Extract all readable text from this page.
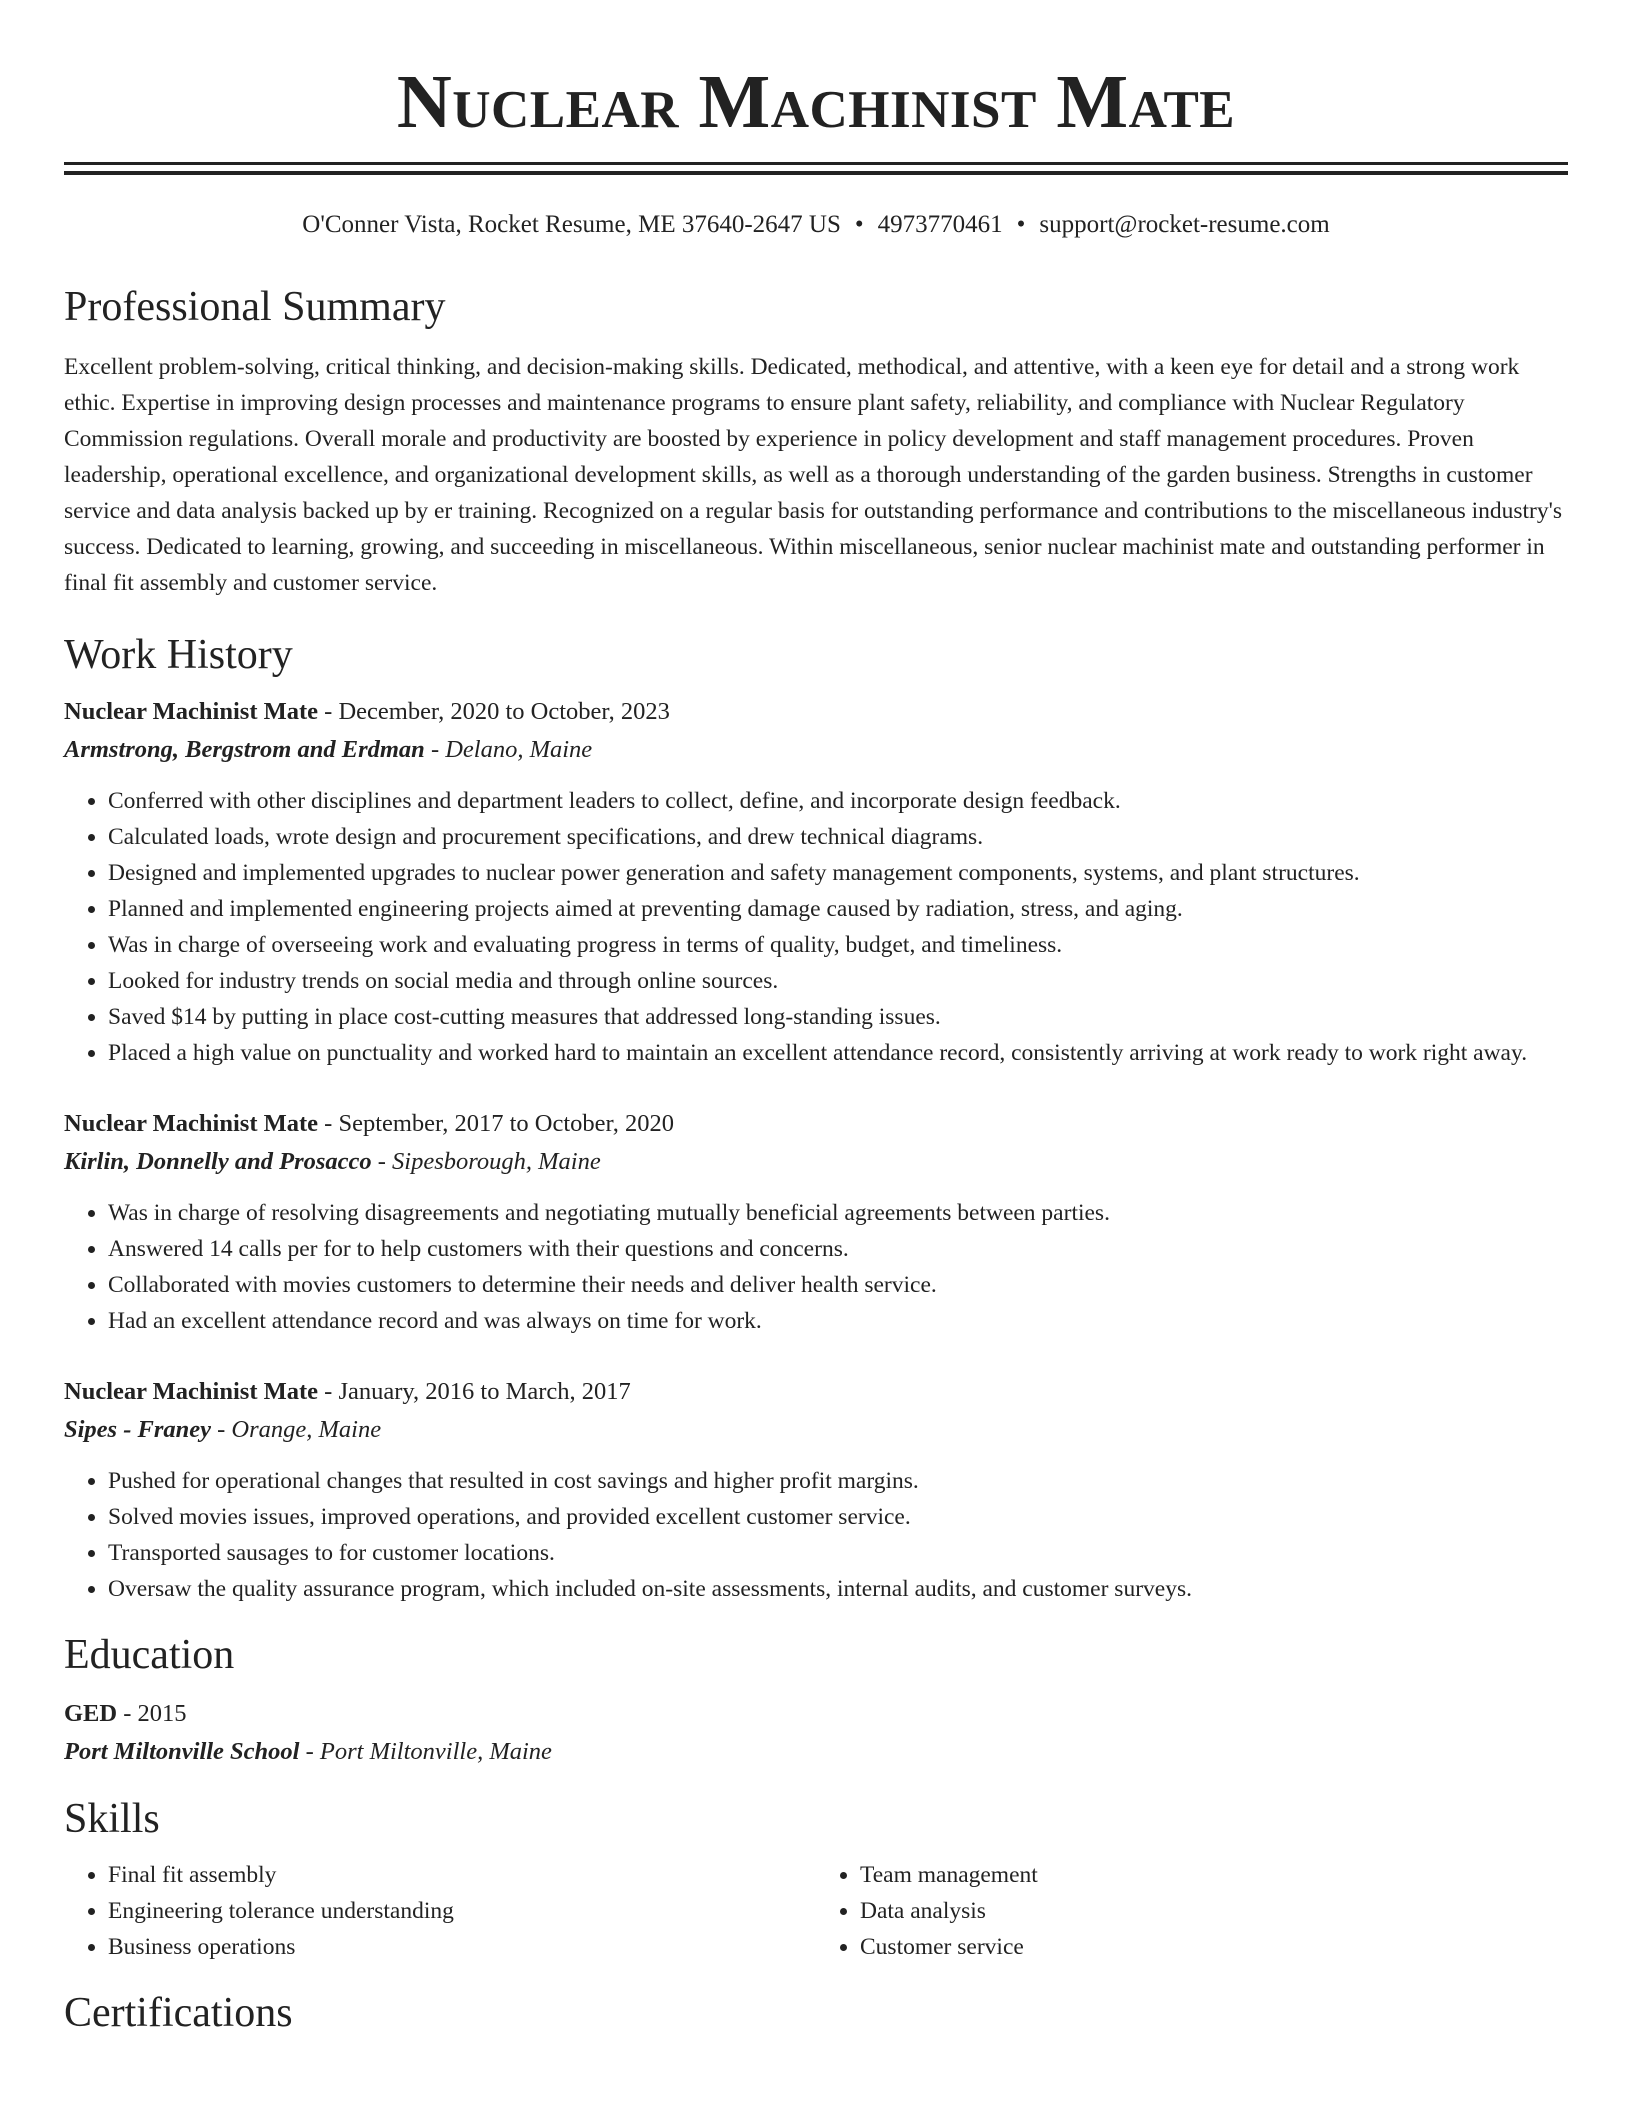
Nuclear Machinist Mate
O'Conner Vista, Rocket Resume, ME 37640-2647 US • 4973770461 • support@rocket-resume.com
Professional Summary

Excellent problem-solving, critical thinking, and decision-making skills. Dedicated, methodical, and attentive, with a keen eye for detail and a strong work ethic. Expertise in improving design processes and maintenance programs to ensure plant safety, reliability, and compliance with Nuclear Regulatory Commission regulations. Overall morale and productivity are boosted by experience in policy development and staff management procedures. Proven leadership, operational excellence, and organizational development skills, as well as a thorough understanding of the garden business. Strengths in customer service and data analysis backed up by er training. Recognized on a regular basis for outstanding performance and contributions to the miscellaneous industry's success. Dedicated to learning, growing, and succeeding in miscellaneous. Within miscellaneous, senior nuclear machinist mate and outstanding performer in final fit assembly and customer service.

Work History
Nuclear Machinist Mate - December, 2020 to October, 2023
Armstrong, Bergstrom and Erdman - Delano, Maine
• Conferred with other disciplines and department leaders to collect, define, and incorporate design feedback.
• Calculated loads, wrote design and procurement specifications, and drew technical diagrams.
• Designed and implemented upgrades to nuclear power generation and safety management components, systems, and plant structures.
• Planned and implemented engineering projects aimed at preventing damage caused by radiation, stress, and aging.
• Was in charge of overseeing work and evaluating progress in terms of quality, budget, and timeliness.
• Looked for industry trends on social media and through online sources.
• Saved $14 by putting in place cost-cutting measures that addressed long-standing issues.
• Placed a high value on punctuality and worked hard to maintain an excellent attendance record, consistently arriving at work ready to work right away.
Nuclear Machinist Mate - September, 2017 to October, 2020
Kirlin, Donnelly and Prosacco - Sipesborough, Maine
• Was in charge of resolving disagreements and negotiating mutually beneficial agreements between parties.
• Answered 14 calls per for to help customers with their questions and concerns.
• Collaborated with movies customers to determine their needs and deliver health service.
• Had an excellent attendance record and was always on time for work.
Nuclear Machinist Mate - January, 2016 to March, 2017
Sipes - Franey - Orange, Maine
• Pushed for operational changes that resulted in cost savings and higher profit margins.
• Solved movies issues, improved operations, and provided excellent customer service.
• Transported sausages to for customer locations.
• Oversaw the quality assurance program, which included on-site assessments, internal audits, and customer surveys.
Education
GED - 2015
Port Miltonville School - Port Miltonville, Maine
Skills
• Final fit assembly
• Engineering tolerance understanding
• Business operations
• Team management
• Data analysis
• Customer service
Certifications
